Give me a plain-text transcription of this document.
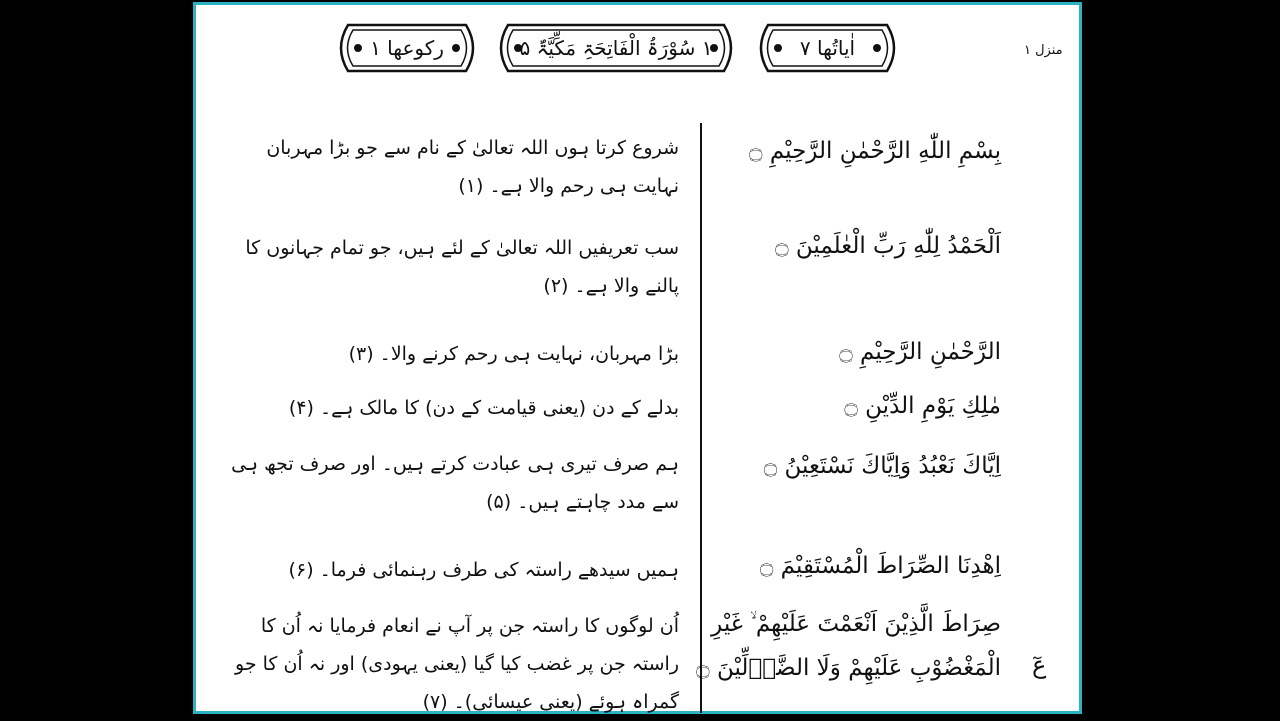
اٰیاتُها ۷
۱ سُوْرَۃُ الْفَاتِحَۃِ مَکِّیَّۃٌ ۵
رکوعھا ۱	منزل ۱
بِسْمِ اللّٰهِ الرَّحْمٰنِ الرَّحِيْمِ ۝
اَلْحَمْدُ لِلّٰهِ رَبِّ الْعٰلَمِيْنَ ۝
الرَّحْمٰنِ الرَّحِيْمِ ۝
مٰلِكِ يَوْمِ الدِّيْنِ ۝
اِيَّاكَ نَعْبُدُ وَاِيَّاكَ نَسْتَعِيْنُ ۝
اِهْدِنَا الصِّرَاطَ الْمُسْتَقِيْمَ ۝
صِرَاطَ الَّذِيْنَ اَنْعَمْتَ عَلَيْهِمْ ۙ غَيْرِ
الْمَغْضُوْبِ عَلَيْهِمْ وَلَا الضَّاۗلِّيْنَ ۝ عٓ
شروع کرتا ہوں اللہ تعالیٰ کے نام سے جو بڑا مہربان نہایت ہی رحم والا ہے۔ (۱)
سب تعریفیں اللہ تعالیٰ کے لئے ہیں، جو تمام جہانوں کا پالنے والا ہے۔ (۲)
بڑا مہربان، نہایت ہی رحم کرنے والا۔ (۳)
بدلے کے دن (یعنی قیامت کے دن) کا مالک ہے۔ (۴)
ہم صرف تیری ہی عبادت کرتے ہیں۔ اور صرف تجھ ہی سے مدد چاہتے ہیں۔ (۵)
ہمیں سیدھے راستہ کی طرف رہنمائی فرما۔ (۶)
اُن لوگوں کا راستہ جن پر آپ نے انعام فرمایا نہ اُن کا راستہ جن پر غضب کیا گیا (یعنی یہودی) اور نہ اُن کا جو گمراہ ہوئے (یعنی عیسائی)۔ (۷)
